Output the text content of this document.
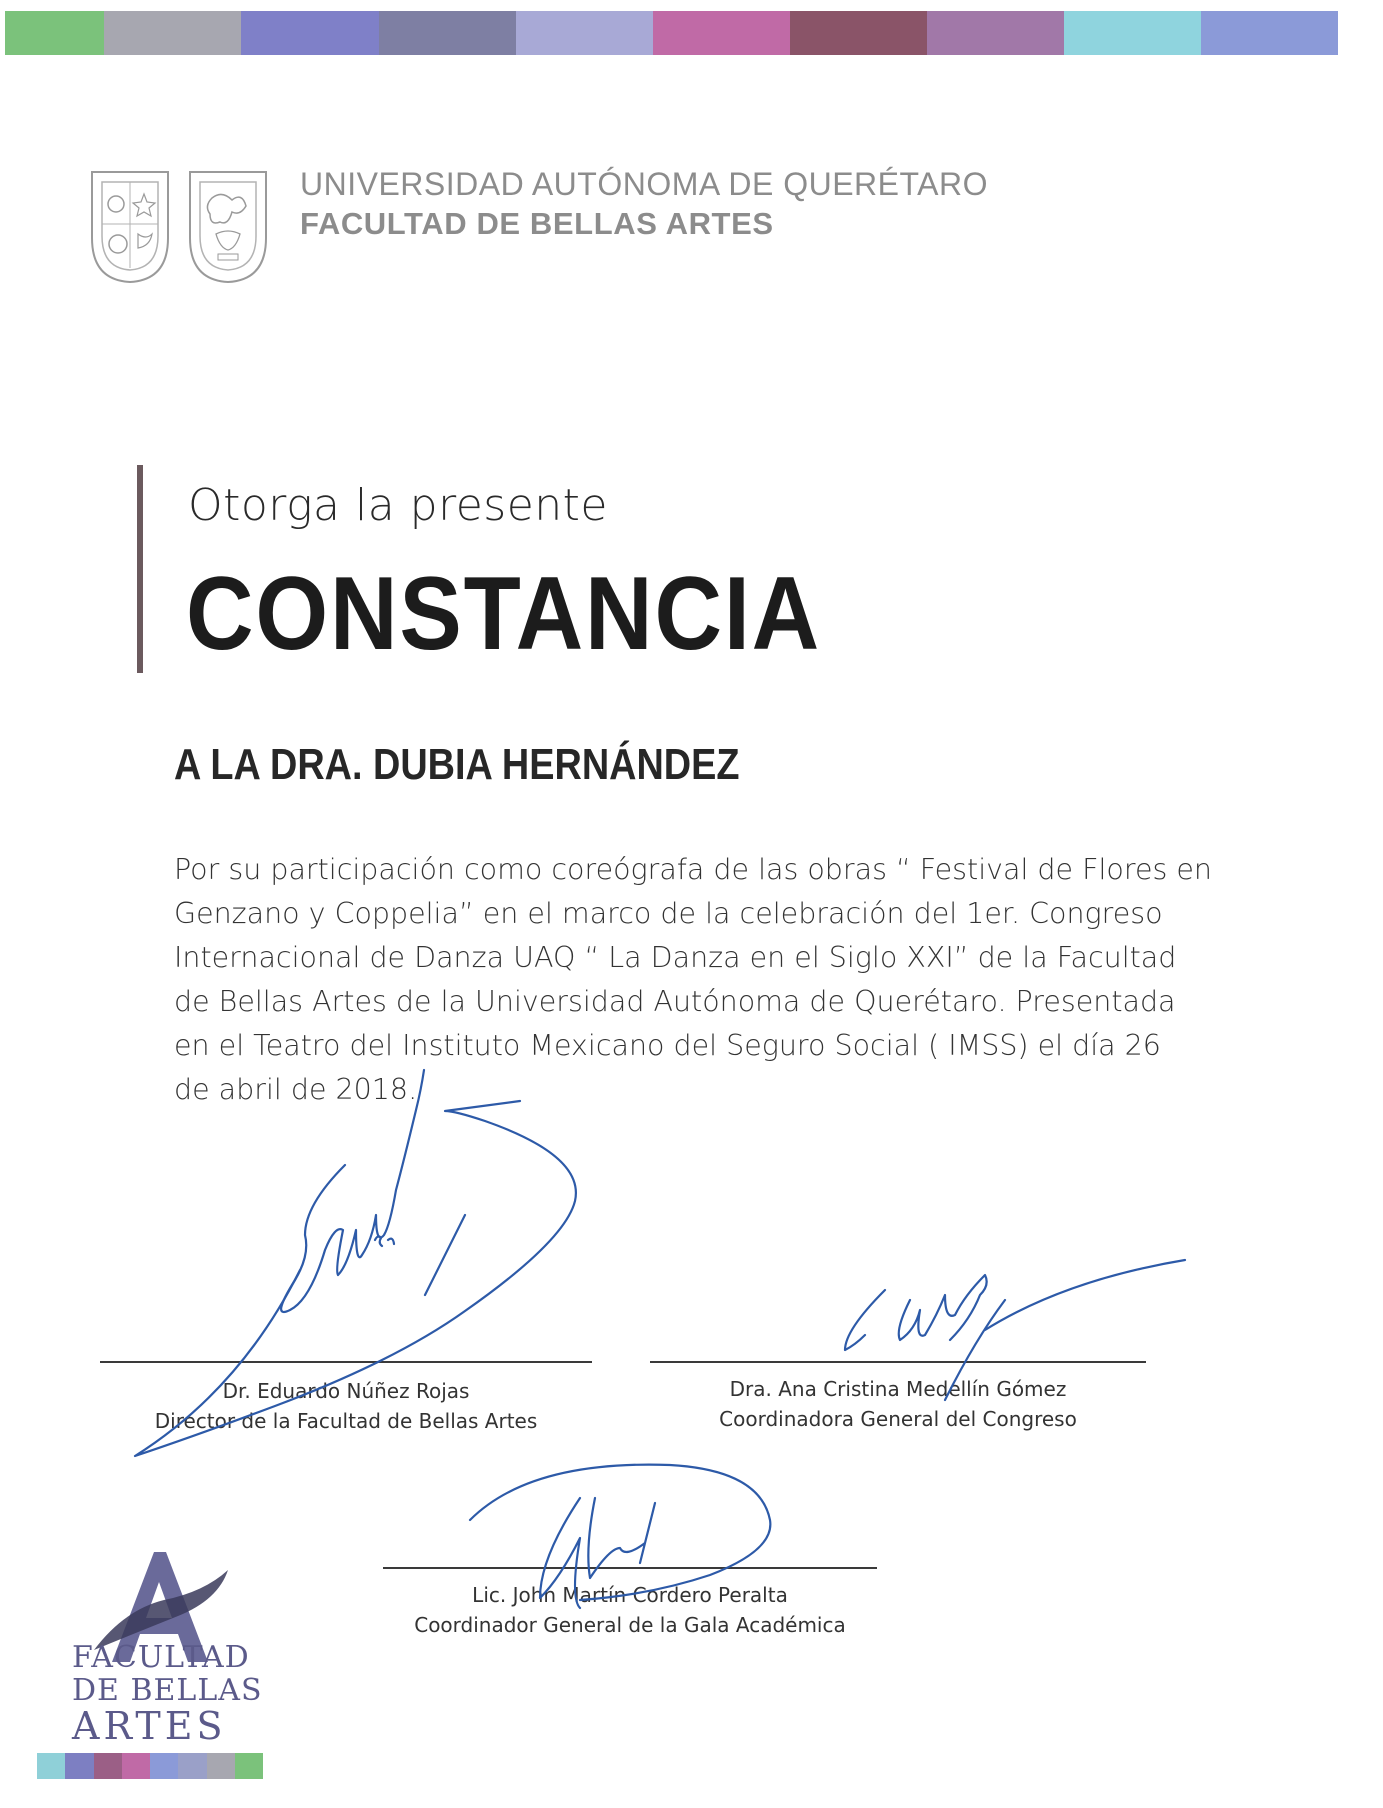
UNIVERSIDAD AUTÓNOMA DE QUERÉTARO
FACULTAD DE BELLAS ARTES
Otorga la presente
CONSTANCIA
A LA DRA. DUBIA HERNÁNDEZ
Por su participación como coreógrafa de las obras “ Festival de Flores en
Genzano y Coppelia” en el marco de la celebración del 1er. Congreso
Internacional de Danza UAQ “ La Danza en el Siglo XXI” de la Facultad
de Bellas Artes de la Universidad Autónoma de Querétaro. Presentada
en el Teatro del Instituto Mexicano del Seguro Social ( IMSS) el día 26
de abril de 2018.
Dr. Eduardo Núñez Rojas
Director de la Facultad de Bellas Artes
Dra. Ana Cristina Medellín Gómez
Coordinadora General del Congreso
Lic. John Martín Cordero Peralta
Coordinador General de la Gala Académica
FACULTAD
DE BELLAS
ARTES
